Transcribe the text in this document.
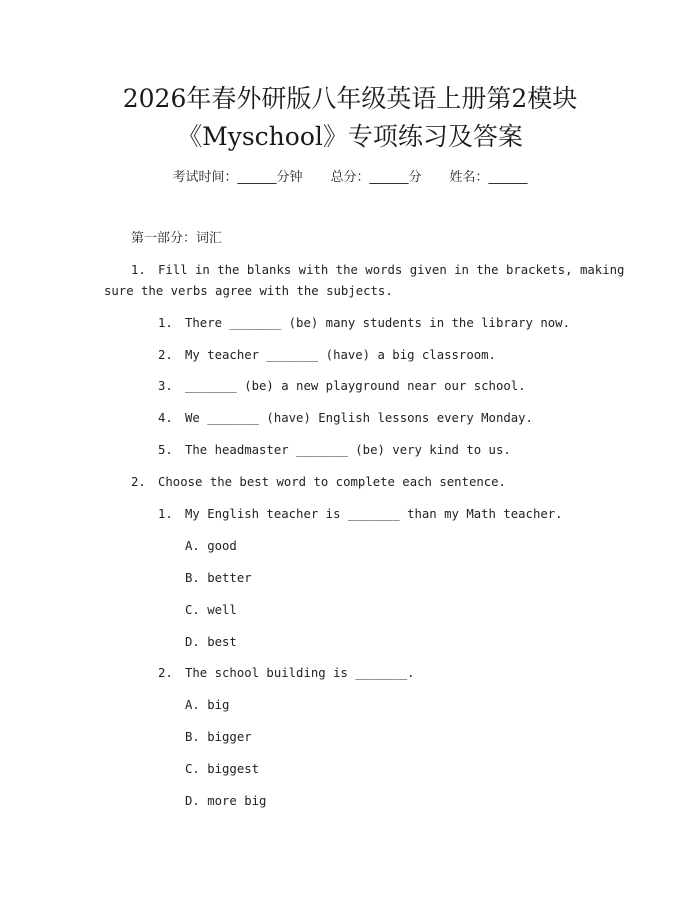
2026年春外研版八年级英语上册第2模块
《Myschool》专项练习及答案
考试时间：______分钟 总分：______分 姓名：______
第一部分：词汇
1. Fill in the blanks with the words given in the brackets, making
sure the verbs agree with the subjects.
1. There _______ (be) many students in the library now.
2. My teacher _______ (have) a big classroom.
3. _______ (be) a new playground near our school.
4. We _______ (have) English lessons every Monday.
5. The headmaster _______ (be) very kind to us.
2. Choose the best word to complete each sentence.
1. My English teacher is _______ than my Math teacher.
A. good
B. better
C. well
D. best
2. The school building is _______.
A. big
B. bigger
C. biggest
D. more big
